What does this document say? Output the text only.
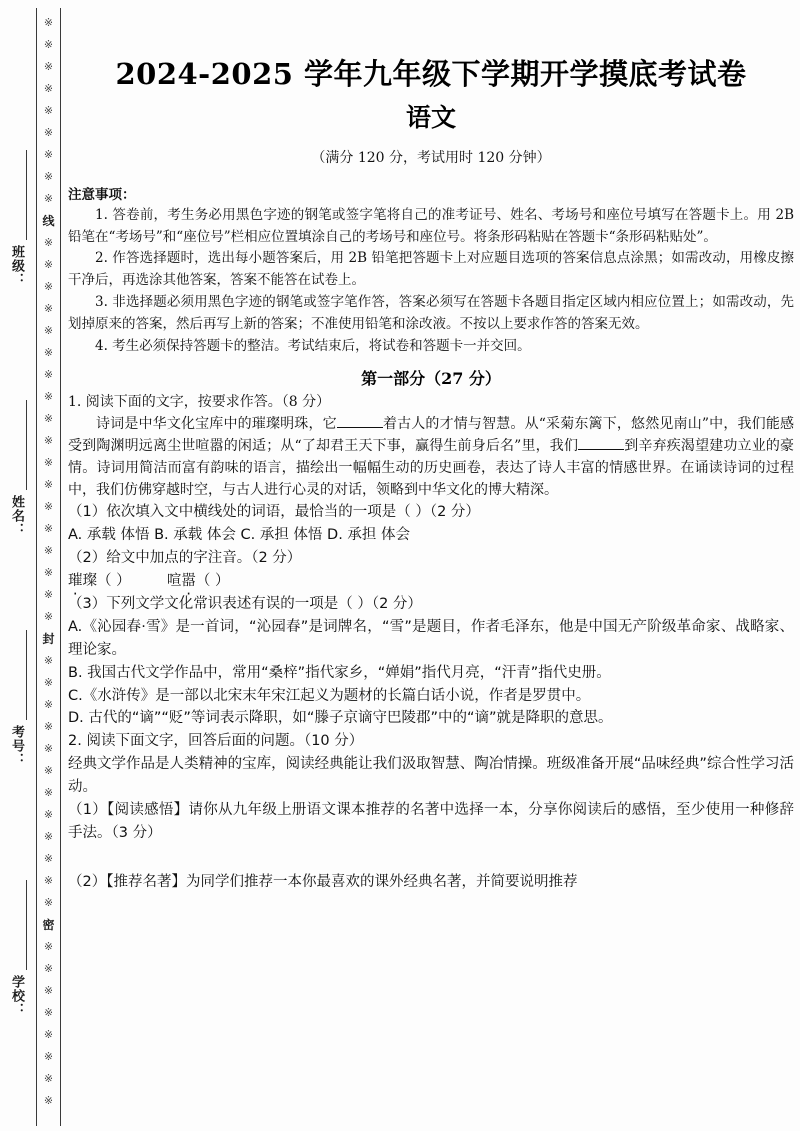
※
※
※
※
※
※
※
※
※
线
※
※
※
※
※
※
※
※
※
※
※
※
※
※
※
※
※
※
封
※
※
※
※
※
※
※
※
※
※
※
※
密
※
※
※
※
※
※
※
※
班级：
姓名：
考号：
学校：
2024-2025 学年九年级下学期开学摸底考试卷
语文
（满分 120 分，考试用时 120 分钟）
注意事项：

1. 答卷前，考生务必用黑色字迹的钢笔或签字笔将自己的准考证号、姓名、考场号和座位号填写在答题卡上。用 2B 铅笔在“考场号”和“座位号”栏相应位置填涂自己的考场号和座位号。将条形码粘贴在答题卡“条形码粘贴处”。

2. 作答选择题时，选出每小题答案后，用 2B 铅笔把答题卡上对应题目选项的答案信息点涂黑；如需改动，用橡皮擦干净后，再选涂其他答案，答案不能答在试卷上。

3. 非选择题必须用黑色字迹的钢笔或签字笔作答，答案必须写在答题卡各题目指定区域内相应位置上；如需改动，先划掉原来的答案，然后再写上新的答案；不准使用铅笔和涂改液。不按以上要求作答的答案无效。

4. 考生必须保持答题卡的整洁。考试结束后，将试卷和答题卡一并交回。

第一部分（27 分）

1. 阅读下面的文字，按要求作答。（8 分）

诗词是中华文化宝库中的璀璨明珠，它	着古人的才情与智慧。从“采菊东篱下，悠然见南山”中，我们能感受到陶渊明远离尘世喧嚣的闲适；从“了却君王天下事，赢得生前身后名”里，我们	到辛弃疾渴望建功立业的豪情。诗词用简洁而富有韵味的语言，描绘出一幅幅生动的历史画卷，表达了诗人丰富的情感世界。在诵读诗词的过程中，我们仿佛穿越时空，与古人进行心灵的对话，领略到中华文化的博大精深。

（1）依次填入文中横线处的词语，最恰当的一项是（ ）（2 分）

A. 承载 体悟 B. 承载 体会 C. 承担 体悟 D. 承担 体会

（2）给文中加点的字注音。（2 分）

璀璨（ ）　　　	喧嚣（ ）

（3）下列文学文化常识表述有误的一项是（ ）（2 分）

A.《沁园春·雪》是一首词，“沁园春”是词牌名，“雪”是题目，作者毛泽东，他是中国无产阶级革命家、战略家、理论家。

B. 我国古代文学作品中，常用“桑梓”指代家乡，“婵娟”指代月亮，“汗青”指代史册。

C.《水浒传》是一部以北宋末年宋江起义为题材的长篇白话小说，作者是罗贯中。

D. 古代的“谪”“贬”等词表示降职，如“滕子京谪守巴陵郡”中的“谪”就是降职的意思。

2. 阅读下面文字，回答后面的问题。（10 分）

经典文学作品是人类精神的宝库，阅读经典能让我们汲取智慧、陶冶情操。班级准备开展“品味经典”综合性学习活动。

（1）【阅读感悟】请你从九年级上册语文课本推荐的名著中选择一本，分享你阅读后的感悟，至少使用一种修辞手法。（3 分）

（2）【推荐名著】为同学们推荐一本你最喜欢的课外经典名著，并简要说明推荐
